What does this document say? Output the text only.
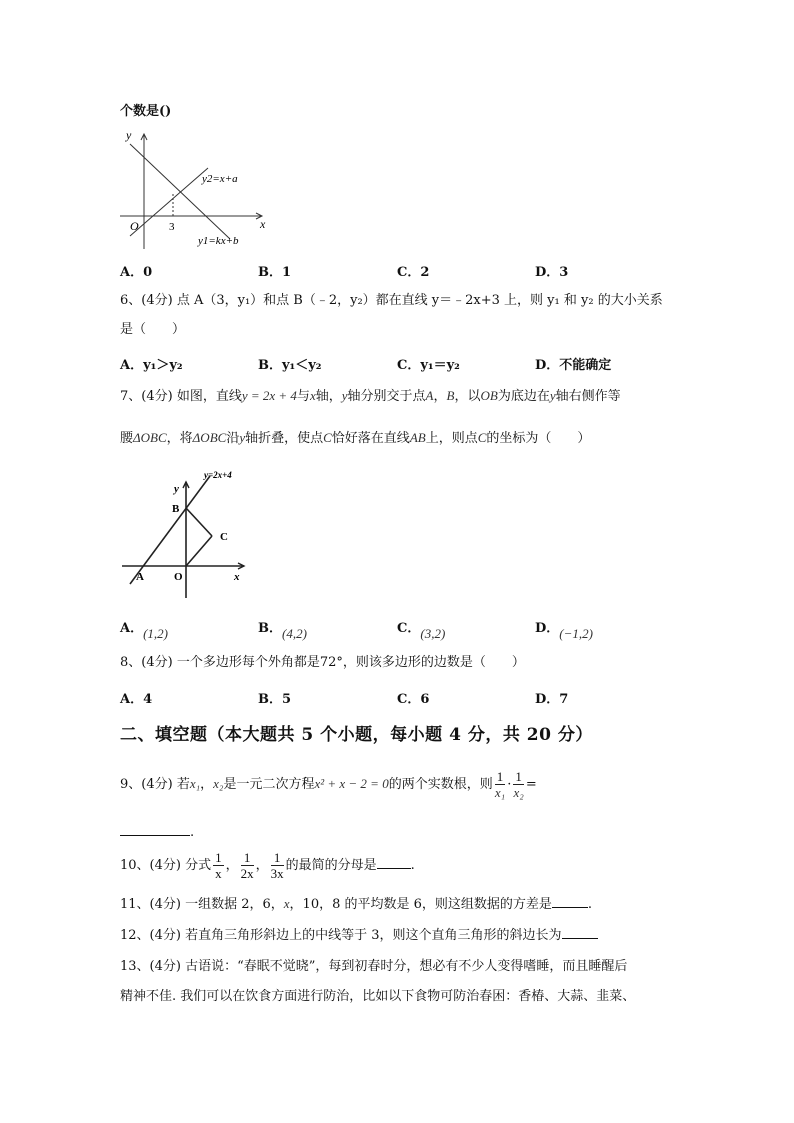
个数是()
y
x
O	3
y2=x+a
y1=kx+b
A．0	B．1	C．2	D．3
6、(4分) 点 A（3，y₁）和点 B（﹣2，y₂）都在直线 y＝﹣2x+3 上，则 y₁ 和 y₂ 的大小关系
是（　　）
A．y₁＞y₂	B．y₁＜y₂	C．y₁＝y₂	D．不能确定
7、(4分) 如图，直线y = 2x + 4与x轴，y轴分别交于点A，B，以OB为底边在y轴右侧作等
腰ΔOBC，将ΔOBC沿y轴折叠，使点C恰好落在直线AB上，则点C的坐标为（　　）
y=2x+4
y
x
B
C
A	O
A．(1,2)	B．(4,2)	C．(3,2)	D．(−1,2)
8、(4分) 一个多边形每个外角都是72°，则该多边形的边数是（　　）
A．4	B．5	C．6	D．7
二、填空题（本大题共 5 个小题，每小题 4 分，共 20 分）
9、(4分) 若x₁，x₂是一元二次方程x² + x − 2 = 0的两个实数根，则 $\frac{1}{\text{x₁}} \cdot \frac{1}{\text{x₂}}$ =
.
10、(4分) 分式 $\frac{1}{x}$ ， $\frac{1}{2x}$ ， $\frac{1}{3x}$ 的最简的分母是	.
11、(4分) 一组数据 2，6，x，10，8 的平均数是 6，则这组数据的方差是	.
12、(4分) 若直角三角形斜边上的中线等于 3，则这个直角三角形的斜边长为
13、(4分) 古语说：“春眠不觉晓”，每到初春时分，想必有不少人变得嗜睡，而且睡醒后
精神不佳. 我们可以在饮食方面进行防治，比如以下食物可防治春困：香椿、大蒜、韭菜、
